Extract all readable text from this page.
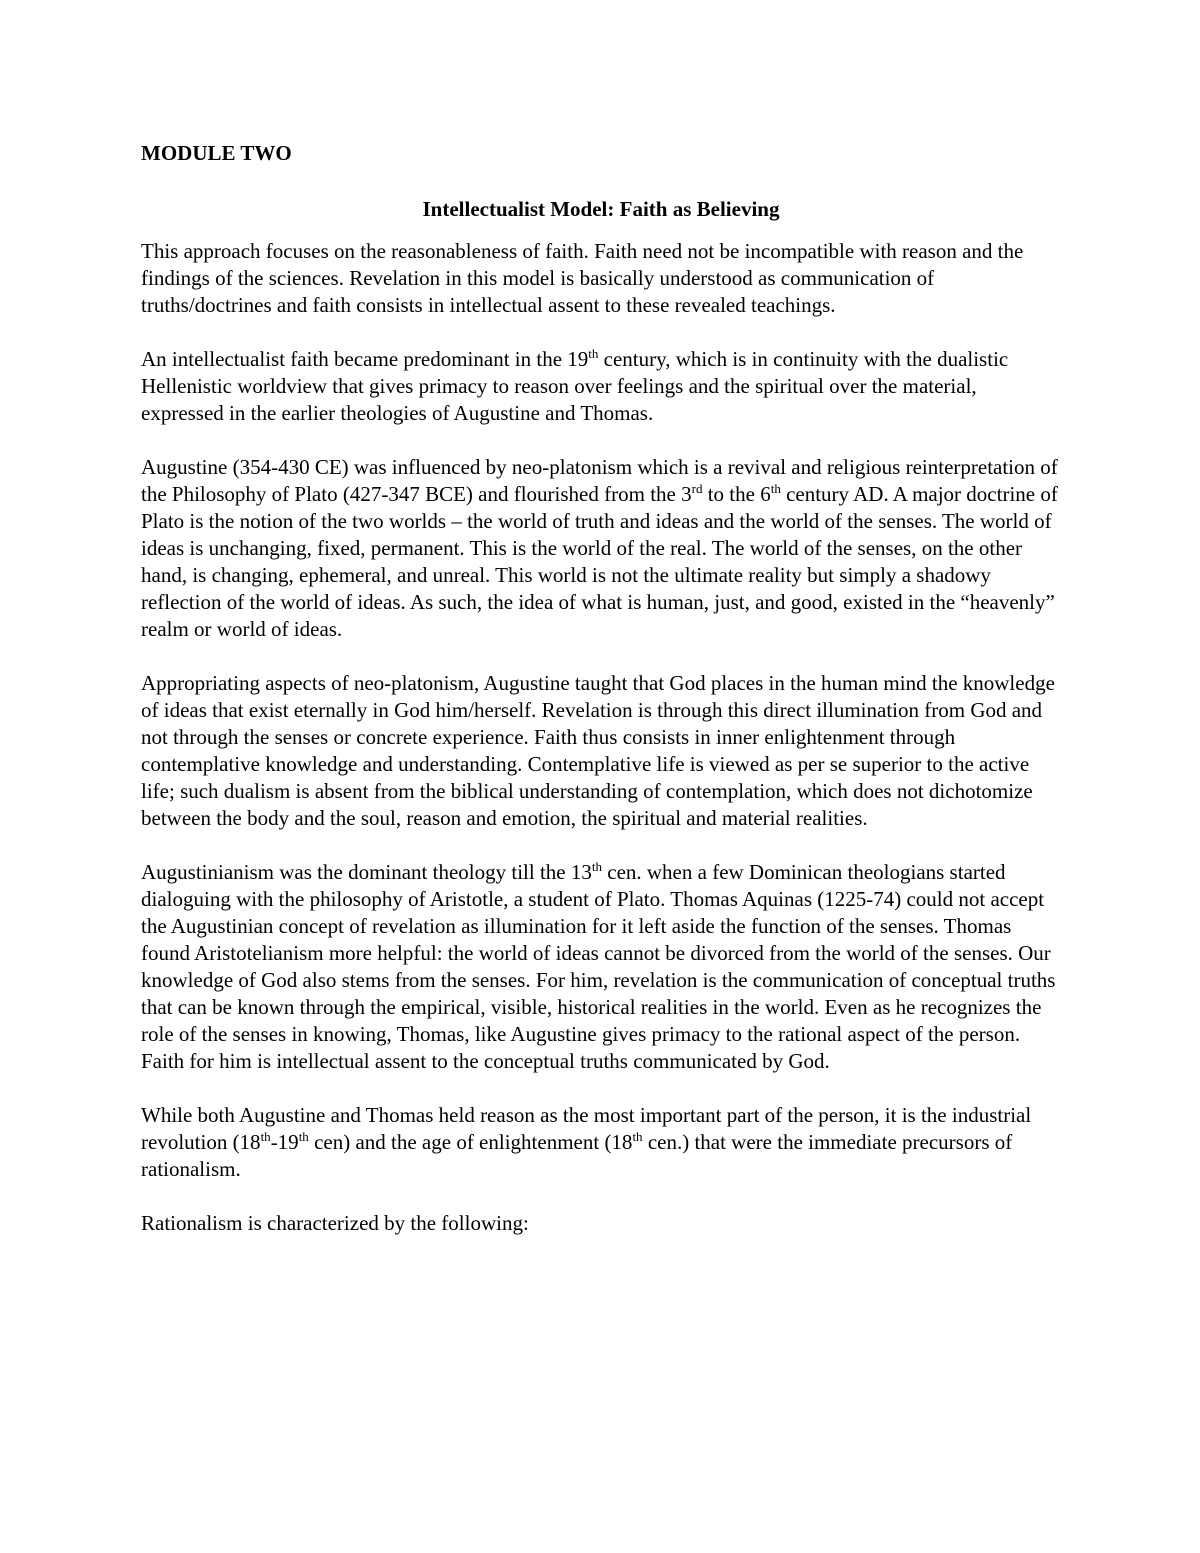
MODULE TWO

Intellectualist Model: Faith as Believing

This approach focuses on the reasonableness of faith. Faith need not be incompatible with reason and the findings of the sciences. Revelation in this model is basically understood as communication of truths/doctrines and faith consists in intellectual assent to these revealed teachings.

An intellectualist faith became predominant in the 19th century, which is in continuity with the dualistic Hellenistic worldview that gives primacy to reason over feelings and the spiritual over the material, expressed in the earlier theologies of Augustine and Thomas.

Augustine (354-430 CE) was influenced by neo-platonism which is a revival and religious reinterpretation of the Philosophy of Plato (427-347 BCE) and flourished from the 3rd to the 6th century AD. A major doctrine of Plato is the notion of the two worlds – the world of truth and ideas and the world of the senses. The world of ideas is unchanging, fixed, permanent. This is the world of the real. The world of the senses, on the other hand, is changing, ephemeral, and unreal. This world is not the ultimate reality but simply a shadowy reflection of the world of ideas. As such, the idea of what is human, just, and good, existed in the “heavenly” realm or world of ideas.

Appropriating aspects of neo-platonism, Augustine taught that God places in the human mind the knowledge of ideas that exist eternally in God him/herself. Revelation is through this direct illumination from God and not through the senses or concrete experience. Faith thus consists in inner enlightenment through contemplative knowledge and understanding. Contemplative life is viewed as per se superior to the active life; such dualism is absent from the biblical understanding of contemplation, which does not dichotomize between the body and the soul, reason and emotion, the spiritual and material realities.

Augustinianism was the dominant theology till the 13th cen. when a few Dominican theologians started dialoguing with the philosophy of Aristotle, a student of Plato. Thomas Aquinas (1225-74) could not accept the Augustinian concept of revelation as illumination for it left aside the function of the senses. Thomas found Aristotelianism more helpful: the world of ideas cannot be divorced from the world of the senses. Our knowledge of God also stems from the senses. For him, revelation is the communication of conceptual truths that can be known through the empirical, visible, historical realities in the world. Even as he recognizes the role of the senses in knowing, Thomas, like Augustine gives primacy to the rational aspect of the person. Faith for him is intellectual assent to the conceptual truths communicated by God.

While both Augustine and Thomas held reason as the most important part of the person, it is the industrial revolution (18th-19th cen) and the age of enlightenment (18th cen.) that were the immediate precursors of rationalism.

Rationalism is characterized by the following:
